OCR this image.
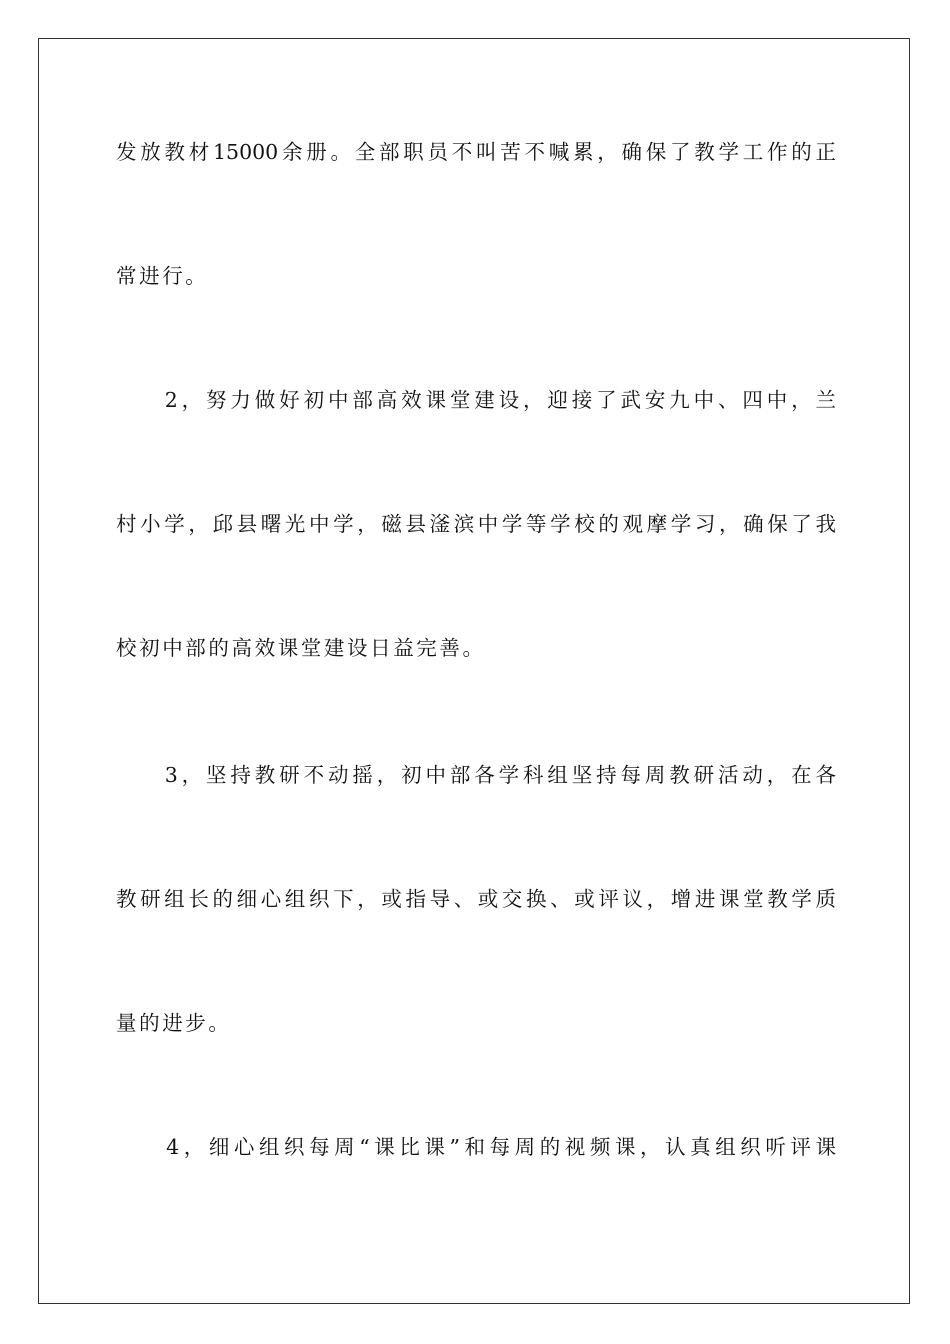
发放教材15000余册。全部职员不叫苦不喊累，确保了教学工作的正
常进行。
　　2，努力做好初中部高效课堂建设，迎接了武安九中、四中，兰
村小学，邱县曙光中学，磁县滏滨中学等学校的观摩学习，确保了我
校初中部的高效课堂建设日益完善。
　　3，坚持教研不动摇，初中部各学科组坚持每周教研活动，在各
教研组长的细心组织下，或指导、或交换、或评议，增进课堂教学质
量的进步。
　　4，细心组织每周“课比课”和每周的视频课，认真组织听评课
